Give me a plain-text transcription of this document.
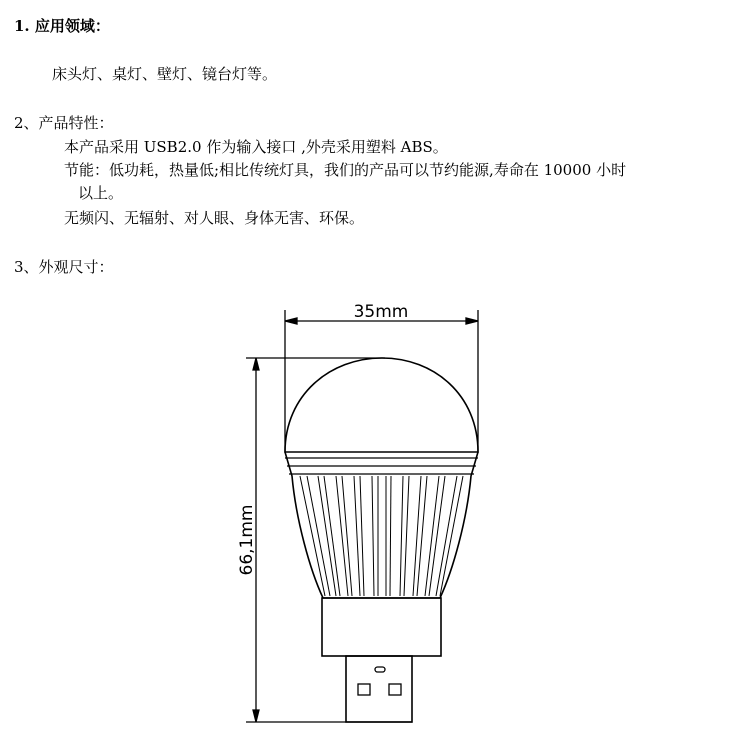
1. 应用领域：
床头灯、桌灯、壁灯、镜台灯等。
2、产品特性：
本产品采用 USB2.0 作为输入接口 ,外壳采用塑料 ABS。
节能：低功耗，热量低;相比传统灯具，我们的产品可以节约能源,寿命在 10000 小时
以上。
无频闪、无辐射、对人眼、身体无害、环保。
3、外观尺寸：
35mm
66,1mm
